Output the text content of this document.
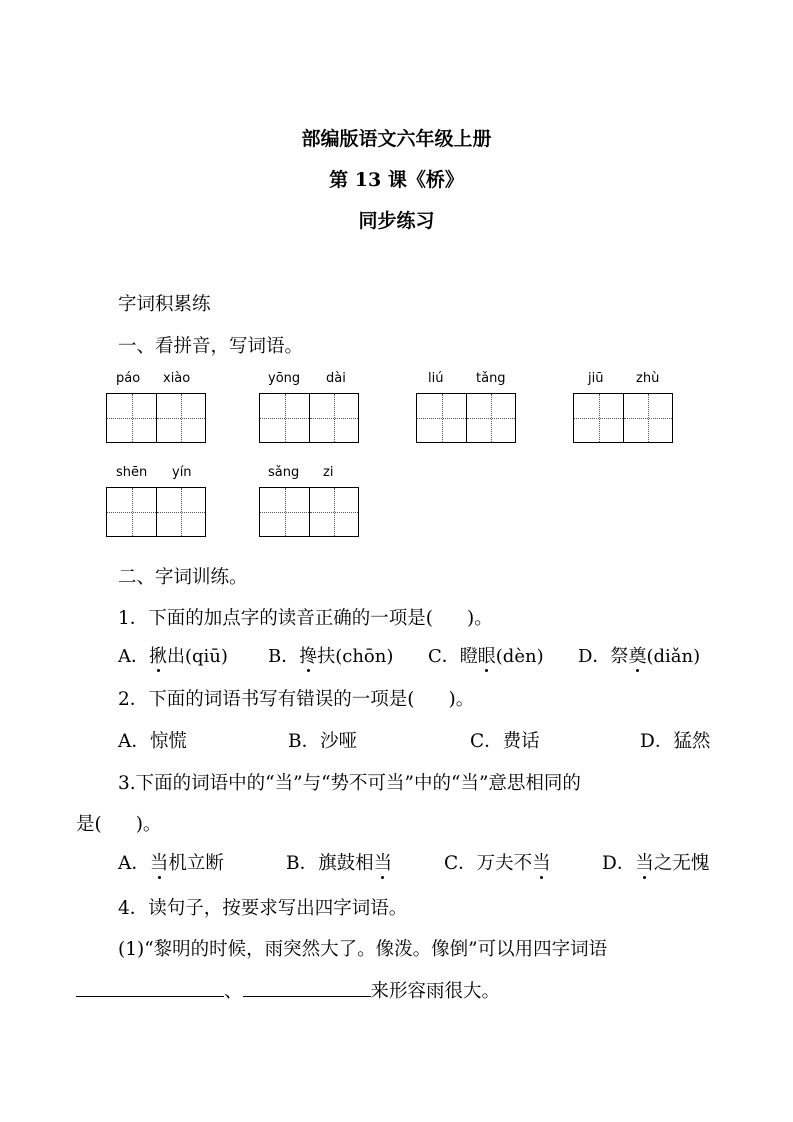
部编版语文六年级上册
第 13 课《桥》
同步练习
字词积累练
一、看拼音，写词语。
páo xiào	yōng dài	liú	tǎng	jiū	zhù
shēn yín	sǎng zi
二、字词训练。
1．下面的加点字的读音正确的一项是( )。
A．揪出(qiū) B．搀扶(chōn) C．瞪眼(dèn) D．祭奠(diǎn)
2．下面的词语书写有错误的一项是( )。
A．惊慌	B．沙哑	C．费话	D．猛然
3.下面的词语中的“当”与“势不可当”中的“当”意思相同的
是( )。
A．当机立断	B．旗鼓相当	C．万夫不当	D．当之无愧
4．读句子，按要求写出四字词语。
(1)“黎明的时候，雨突然大了。像泼。像倒”可以用四字词语
、	来形容雨很大。
